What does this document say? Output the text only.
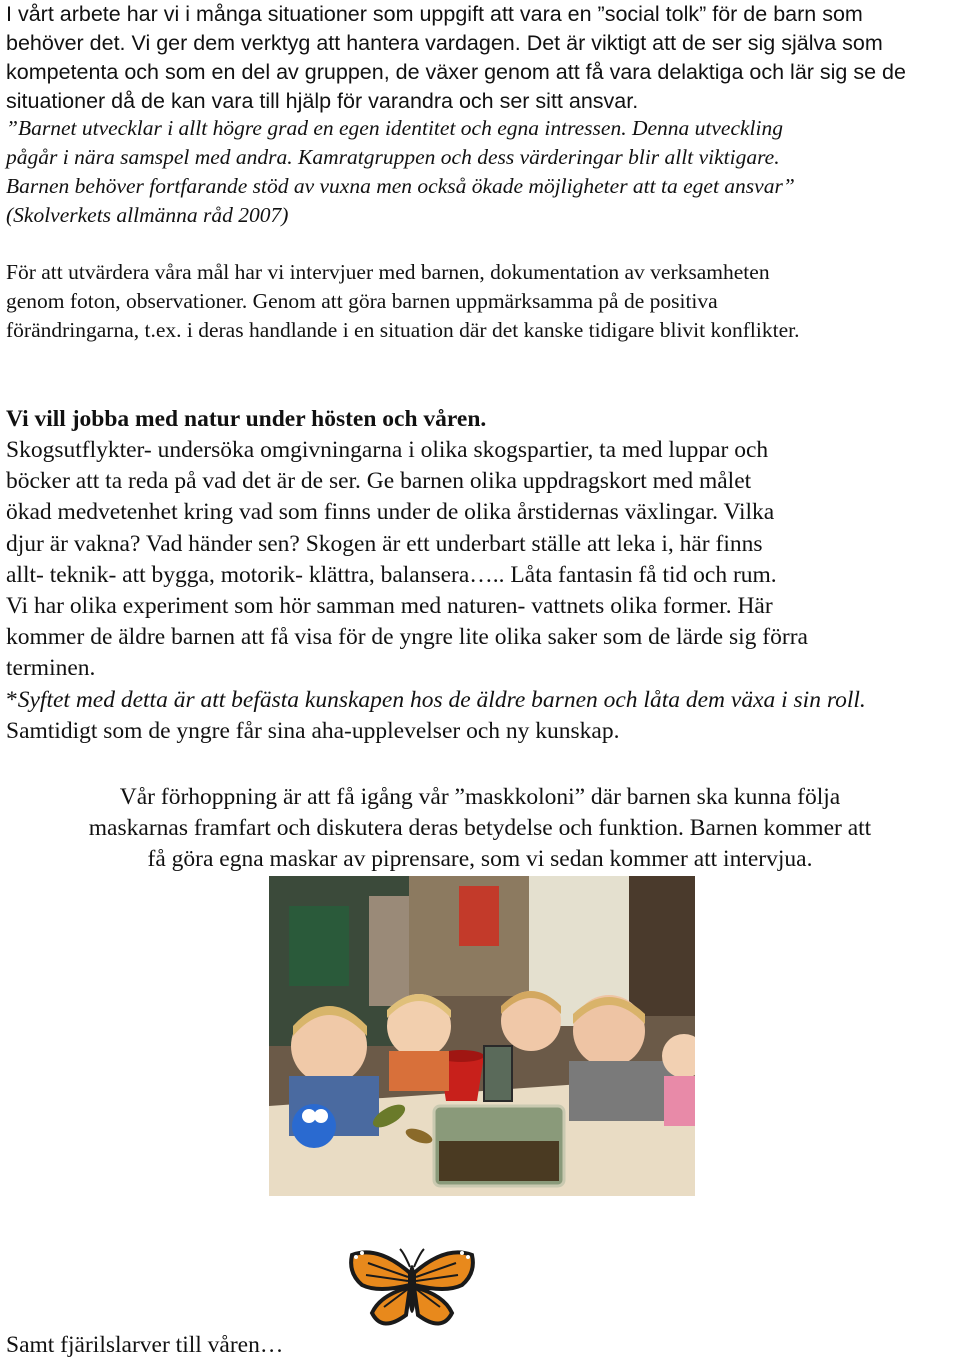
I vårt arbete har vi i många situationer som uppgift att vara en ”social tolk” för de barn som
behöver det. Vi ger dem verktyg att hantera vardagen. Det är viktigt att de ser sig själva som
kompetenta och som en del av gruppen, de växer genom att få vara delaktiga och lär sig se de
situationer då de kan vara till hjälp för varandra och ser sitt ansvar.
”Barnet utvecklar i allt högre grad en egen identitet och egna intressen. Denna utveckling
pågår i nära samspel med andra. Kamratgruppen och dess värderingar blir allt viktigare.
Barnen behöver fortfarande stöd av vuxna men också ökade möjligheter att ta eget ansvar”
(Skolverkets allmänna råd 2007)
För att utvärdera våra mål har vi intervjuer med barnen, dokumentation av verksamheten
genom foton, observationer. Genom att göra barnen uppmärksamma på de positiva
förändringarna, t.ex. i deras handlande i en situation där det kanske tidigare blivit konflikter.
Vi vill jobba med natur under hösten och våren.
Skogsutflykter- undersöka omgivningarna i olika skogspartier, ta med luppar och
böcker att ta reda på vad det är de ser. Ge barnen olika uppdragskort med målet
ökad medvetenhet kring vad som finns under de olika årstidernas växlingar. Vilka
djur är vakna? Vad händer sen? Skogen är ett underbart ställe att leka i, här finns
allt- teknik- att bygga, motorik- klättra, balansera….. Låta fantasin få tid och rum.
Vi har olika experiment som hör samman med naturen- vattnets olika former. Här
kommer de äldre barnen att få visa för de yngre lite olika saker som de lärde sig förra
terminen.
*Syftet med detta är att befästa kunskapen hos de äldre barnen och låta dem växa i sin roll.
Samtidigt som de yngre får sina aha-upplevelser och ny kunskap.
Vår förhoppning är att få igång vår ”maskkoloni” där barnen ska kunna följa
maskarnas framfart och diskutera deras betydelse och funktion. Barnen kommer att
få göra egna maskar av piprensare, som vi sedan kommer att intervjua.
Samt fjärilslarver till våren…
